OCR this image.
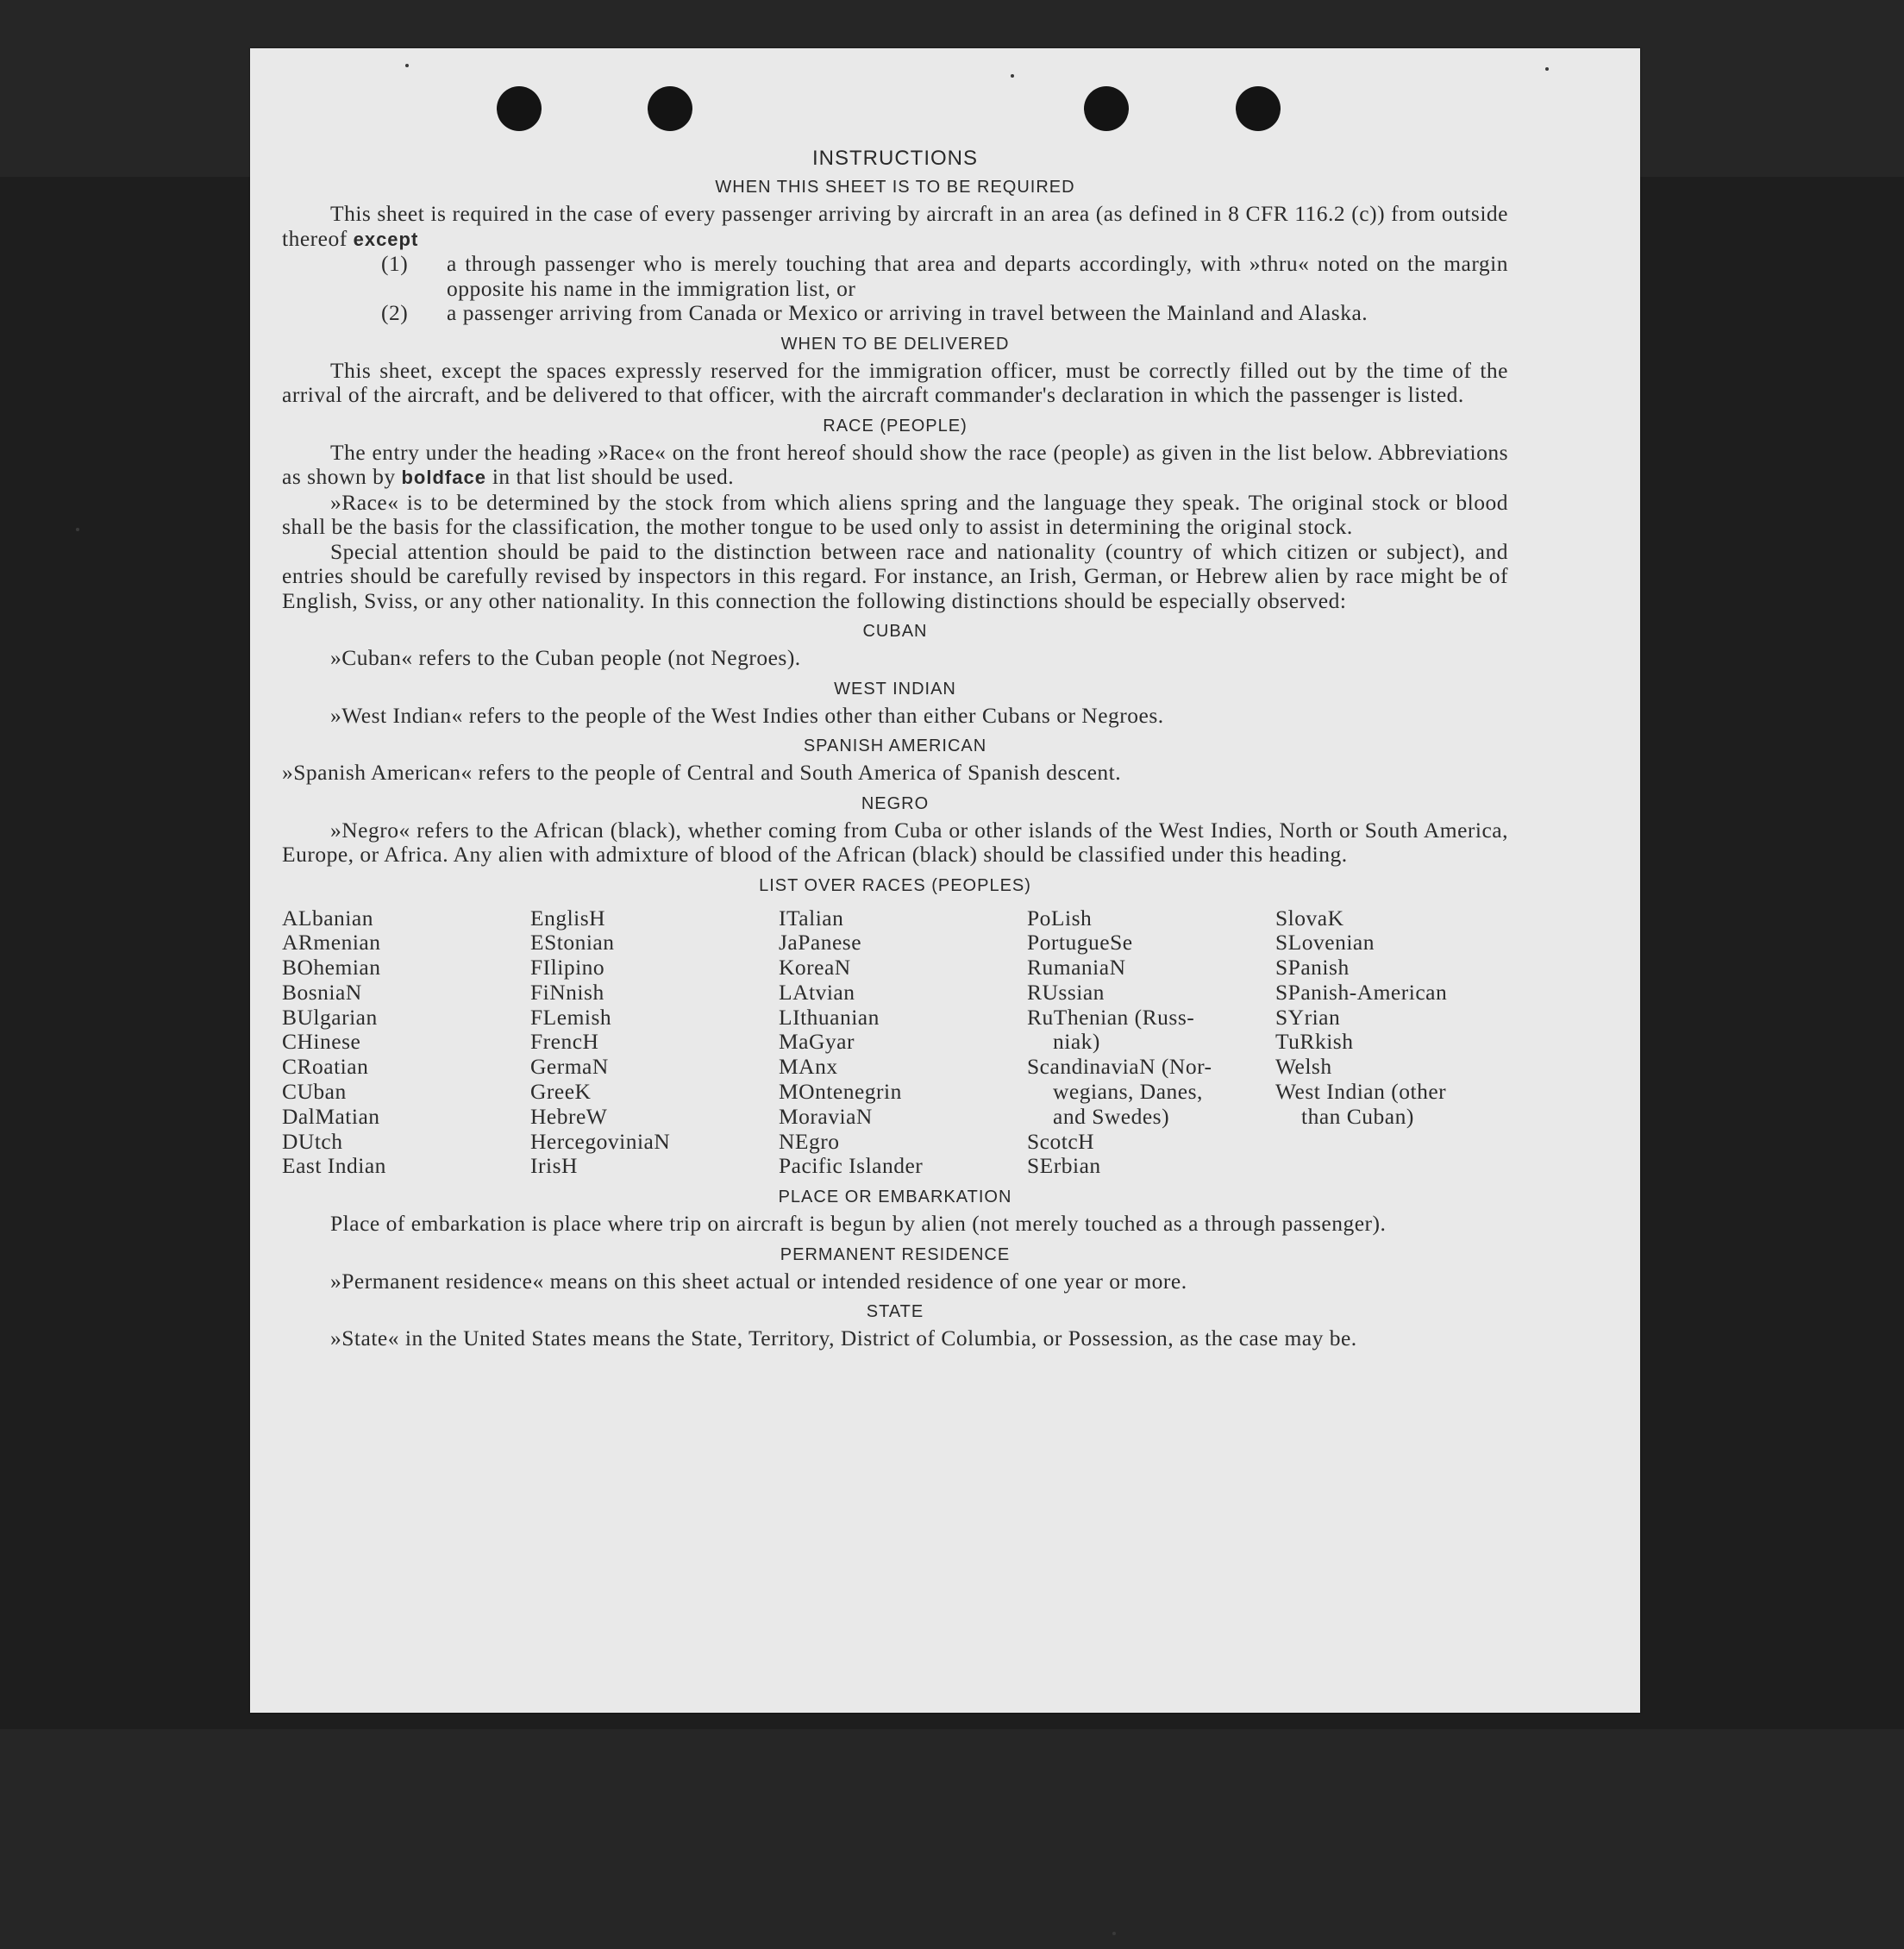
INSTRUCTIONS
WHEN THIS SHEET IS TO BE REQUIRED

This sheet is required in the case of every passenger arriving by aircraft in an area (as defined in 8 CFR 116.2 (c)) from outside thereof except

(1)	a through passenger who is merely touching that area and departs accordingly, with »thru« noted on the margin opposite his name in the immigration list, or
(2)	a passenger arriving from Canada or Mexico or arriving in travel between the Mainland and Alaska.
WHEN TO BE DELIVERED

This sheet, except the spaces expressly reserved for the immigration officer, must be correctly filled out by the time of the arrival of the aircraft, and be delivered to that officer, with the aircraft commander's declaration in which the passenger is listed.

RACE (PEOPLE)

The entry under the heading »Race« on the front hereof should show the race (people) as given in the list below. Abbreviations as shown by boldface in that list should be used.

»Race« is to be determined by the stock from which aliens spring and the language they speak. The original stock or blood shall be the basis for the classification, the mother tongue to be used only to assist in determining the original stock.

Special attention should be paid to the distinction between race and nationality (country of which citizen or subject), and entries should be carefully revised by inspectors in this regard. For instance, an Irish, German, or Hebrew alien by race might be of English, Sviss, or any other nationality. In this connection the following distinctions should be especially observed:

CUBAN

»Cuban« refers to the Cuban people (not Negroes).

WEST INDIAN

»West Indian« refers to the people of the West Indies other than either Cubans or Negroes.

SPANISH AMERICAN

»Spanish American« refers to the people of Central and South America of Spanish descent.

NEGRO

»Negro« refers to the African (black), whether coming from Cuba or other islands of the West Indies, North or South America, Europe, or Africa. Any alien with admixture of blood of the African (black) should be classified under this heading.

LIST OVER RACES (PEOPLES)
ALbanian
ARmenian
BOhemian
BosniaN
BUlgarian
CHinese
CRoatian
CUban
DalMatian
DUtch
East Indian
EnglisH
EStonian
FIlipino
FiNnish
FLemish
FrencH
GermaN
GreeK
HebreW
HercegoviniaN
IrisH
ITalian
JaPanese
KoreaN
LAtvian
LIthuanian
MaGyar
MAnx
MOntenegrin
MoraviaN
NEgro
Pacific Islander
PoLish
PortugueSe
RumaniaN
RUssian
RuThenian (Russ-
niak)
ScandinaviaN (Nor-
wegians, Danes,
and Swedes)
ScotcH
SErbian
SlovaK
SLovenian
SPanish
SPanish-American
SYrian
TuRkish
Welsh
West Indian (other
than Cuban)
PLACE OR EMBARKATION

Place of embarkation is place where trip on aircraft is begun by alien (not merely touched as a through passenger).

PERMANENT RESIDENCE

»Permanent residence« means on this sheet actual or intended residence of one year or more.

STATE

»State« in the United States means the State, Territory, District of Columbia, or Possession, as the case may be.
